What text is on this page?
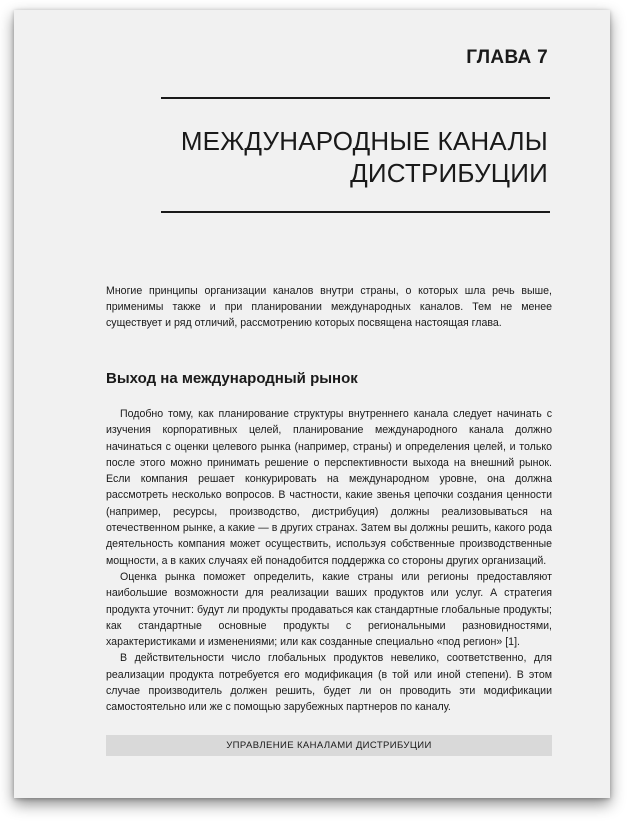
ГЛАВА 7
МЕЖДУНАРОДНЫЕ КАНАЛЫ
ДИСТРИБУЦИИ

Многие принципы организации каналов внутри страны, о которых шла речь выше, применимы также и при планировании международных каналов. Тем не менее существует и ряд отличий, рассмотрению которых посвящена настоящая глава.

Выход на международный рынок

Подобно тому, как планирование структуры внутреннего канала следует начинать с изучения корпоративных целей, планирование международного канала должно начинаться с оценки целевого рынка (например, страны) и определения целей, и только после этого можно принимать решение о перспективности выхода на внешний рынок. Если компания решает конкурировать на международном уровне, она должна рассмотреть несколько вопросов. В частности, какие звенья цепочки создания ценности (например, ресурсы, производство, дистрибуция) должны реализовываться на отечественном рынке, а какие — в других странах. Затем вы должны решить, какого рода деятельность компания может осуществить, используя собственные производственные мощности, а в каких случаях ей понадобится поддержка со стороны других организаций.

Оценка рынка поможет определить, какие страны или регионы предоставляют наибольшие возможности для реализации ваших продуктов или услуг. А стратегия продукта уточнит: будут ли продукты продаваться как стандартные глобальные продукты; как стандартные основные продукты с региональными разновидностями, характеристиками и изменениями; или как созданные специально «под регион» [1].

В действительности число глобальных продуктов невелико, соответственно, для реализации продукта потребуется его модификация (в той или иной степени). В этом случае производитель должен решить, будет ли он проводить эти модификации самостоятельно или же с помощью зарубежных партнеров по каналу.

УПРАВЛЕНИЕ КАНАЛАМИ ДИСТРИБУЦИИ
